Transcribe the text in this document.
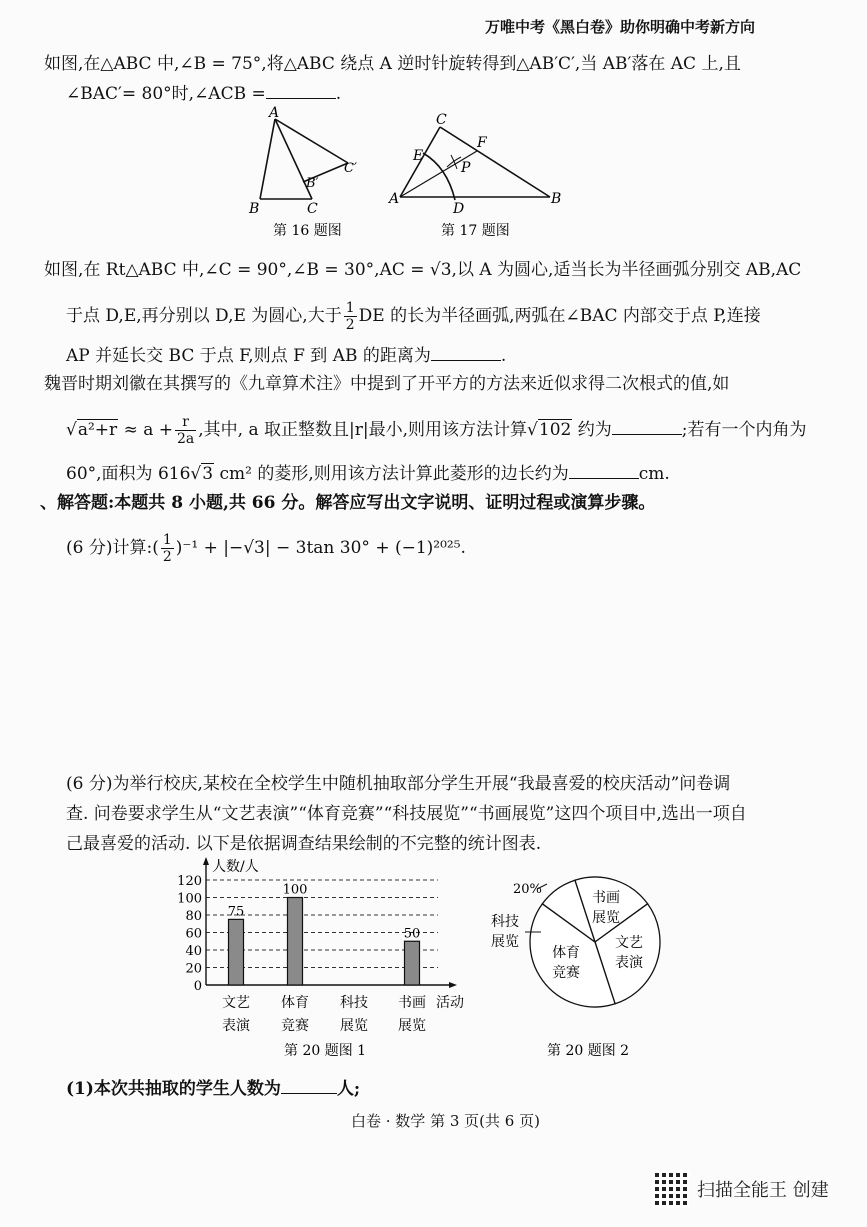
万唯中考《黑白卷》助你明确中考新方向
如图,在△ABC 中,∠B = 75°,将△ABC 绕点 A 逆时针旋转得到△AB′C′,当 AB′落在 AC 上,且
∠BAC′= 80°时,∠ACB =	.
A
B	C
B′
C′
第 16 题图
C
E
F
P
A
D
B
第 17 题图
如图,在 Rt△ABC 中,∠C = 90°,∠B = 30°,AC = √3,以 A 为圆心,适当长为半径画弧分别交 AB,AC
于点 D,E,再分别以 D,E 为圆心,大于 $\frac{1}{2}$ DE 的长为半径画弧,两弧在∠BAC 内部交于点 P,连接
AP 并延长交 BC 于点 F,则点 F 到 AB 的距离为	.
魏晋时期刘徽在其撰写的《九章算术注》中提到了开平方的方法来近似求得二次根式的值,如
$√a^2+r \approx a + \frac{r}{2a}$ ,其中, a 取正整数且|r|最小,则用该方法计算√102 约为	;若有一个内角为
60°,面积为 616√3 cm² 的菱形,则用该方法计算此菱形的边长约为	cm.
、解答题:本题共 8 小题,共 66 分。解答应写出文字说明、证明过程或演算步骤。
(6 分)计算:( $\frac{1}{2} )^{-1} + |-√3| - 3\tan$ 30° + (−1)²⁰²⁵.
(6 分)为举行校庆,某校在全校学生中随机抽取部分学生开展“我最喜爱的校庆活动”问卷调
查. 问卷要求学生从“文艺表演”“体育竞赛”“科技展览”“书画展览”这四个项目中,选出一项自
己最喜爱的活动. 以下是依据调查结果绘制的不完整的统计图表.
人数/人
活动
0
20
40
60
80
100
120
75
100
50
文艺
表演
体育
竞赛
科技
展览
书画
展览
第 20 题图 1
书画
展览
文艺
表演
体育
竞赛
科技
展览
20%
第 20 题图 2
(1)本次共抽取的学生人数为	人;
白卷 · 数学 第 3 页(共 6 页)
扫描全能王 创建
